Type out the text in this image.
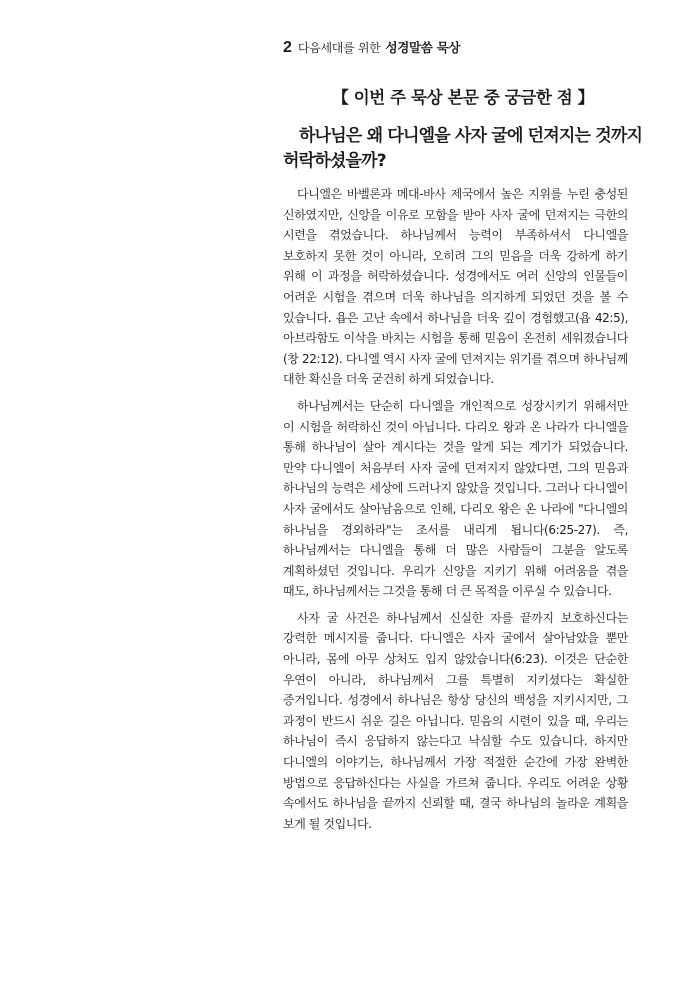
2 다음세대를 위한 성경말씀 묵상
【 이번 주 묵상 본문 중 궁금한 점 】
하나님은 왜 다니엘을 사자 굴에 던져지는 것까지 허락하셨을까?

다니엘은 바벨론과 메대-바사 제국에서 높은 지위를 누린 충성된 신하였지만, 신앙을 이유로 모함을 받아 사자 굴에 던져지는 극한의 시련을 겪었습니다. 하나님께서 능력이 부족하셔서 다니엘을 보호하지 못한 것이 아니라, 오히려 그의 믿음을 더욱 강하게 하기 위해 이 과정을 허락하셨습니다. 성경에서도 여러 신앙의 인물들이 어려운 시험을 겪으며 더욱 하나님을 의지하게 되었던 것을 볼 수 있습니다. 욥은 고난 속에서 하나님을 더욱 깊이 경험했고(욥 42:5), 아브라함도 이삭을 바치는 시험을 통해 믿음이 온전히 세워졌습니다(창 22:12). 다니엘 역시 사자 굴에 던져지는 위기를 겪으며 하나님께 대한 확신을 더욱 굳건히 하게 되었습니다.

하나님께서는 단순히 다니엘을 개인적으로 성장시키기 위해서만 이 시험을 허락하신 것이 아닙니다. 다리오 왕과 온 나라가 다니엘을 통해 하나님이 살아 계시다는 것을 알게 되는 계기가 되었습니다. 만약 다니엘이 처음부터 사자 굴에 던져지지 않았다면, 그의 믿음과 하나님의 능력은 세상에 드러나지 않았을 것입니다. 그러나 다니엘이 사자 굴에서도 살아남음으로 인해, 다리오 왕은 온 나라에 "다니엘의 하나님을 경외하라"는 조서를 내리게 됩니다(6:25-27). 즉, 하나님께서는 다니엘을 통해 더 많은 사람들이 그분을 알도록 계획하셨던 것입니다. 우리가 신앙을 지키기 위해 어려움을 겪을 때도, 하나님께서는 그것을 통해 더 큰 목적을 이루실 수 있습니다.

사자 굴 사건은 하나님께서 신실한 자를 끝까지 보호하신다는 강력한 메시지를 줍니다. 다니엘은 사자 굴에서 살아남았을 뿐만 아니라, 몸에 아무 상처도 입지 않았습니다(6:23). 이것은 단순한 우연이 아니라, 하나님께서 그를 특별히 지키셨다는 확실한 증거입니다. 성경에서 하나님은 항상 당신의 백성을 지키시지만, 그 과정이 반드시 쉬운 길은 아닙니다. 믿음의 시련이 있을 때, 우리는 하나님이 즉시 응답하지 않는다고 낙심할 수도 있습니다. 하지만 다니엘의 이야기는, 하나님께서 가장 적절한 순간에 가장 완벽한 방법으로 응답하신다는 사실을 가르쳐 줍니다. 우리도 어려운 상황 속에서도 하나님을 끝까지 신뢰할 때, 결국 하나님의 놀라운 계획을 보게 될 것입니다.
